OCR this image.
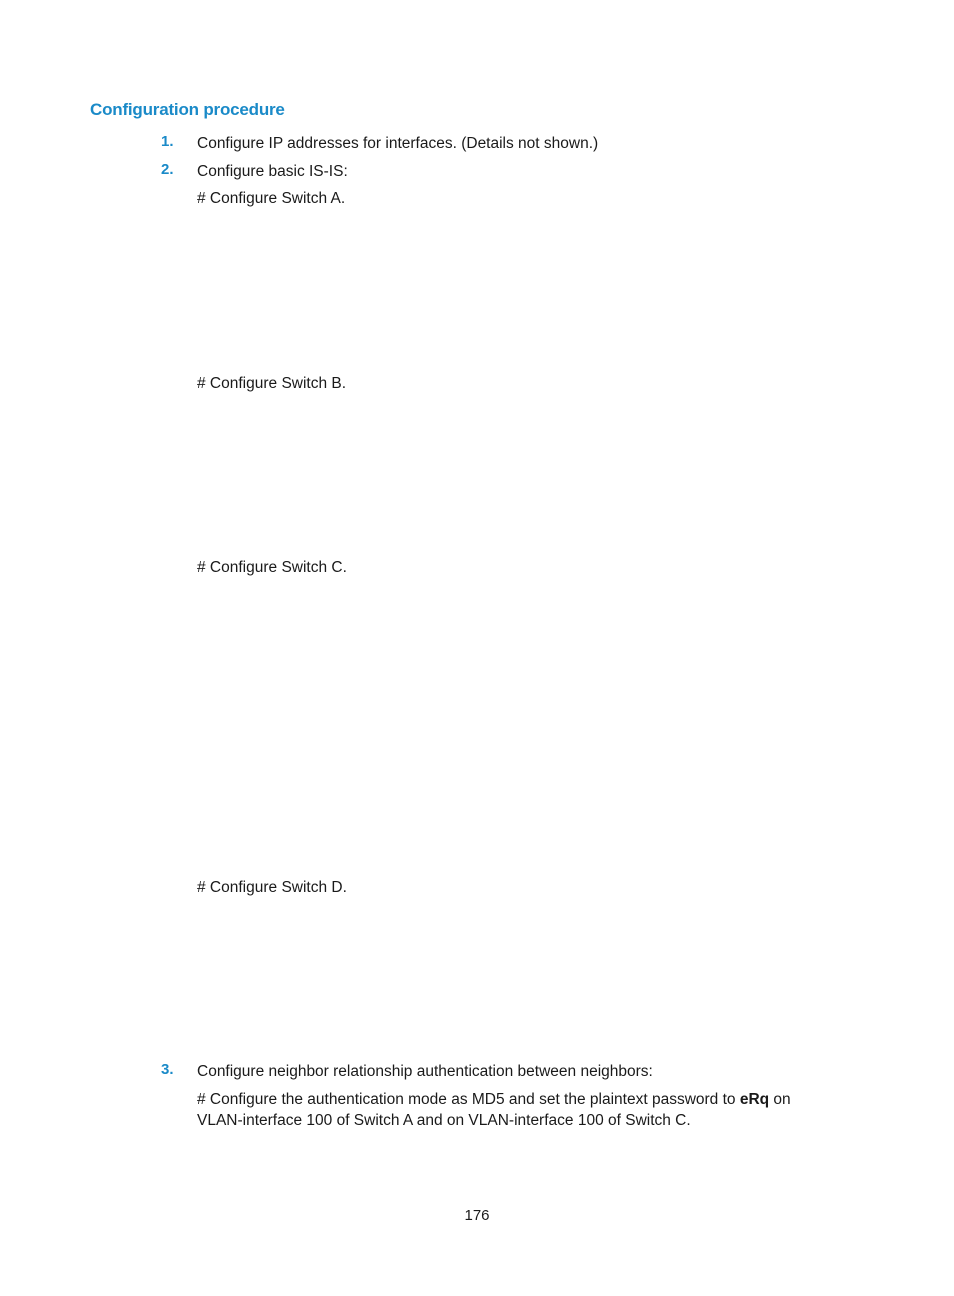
Configuration procedure
1. Configure IP addresses for interfaces. (Details not shown.)
2. Configure basic IS-IS:
# Configure Switch A.
# Configure Switch B.
# Configure Switch C.
# Configure Switch D.
3. Configure neighbor relationship authentication between neighbors:
# Configure the authentication mode as MD5 and set the plaintext password to eRq on VLAN-interface 100 of Switch A and on VLAN-interface 100 of Switch C.
176
